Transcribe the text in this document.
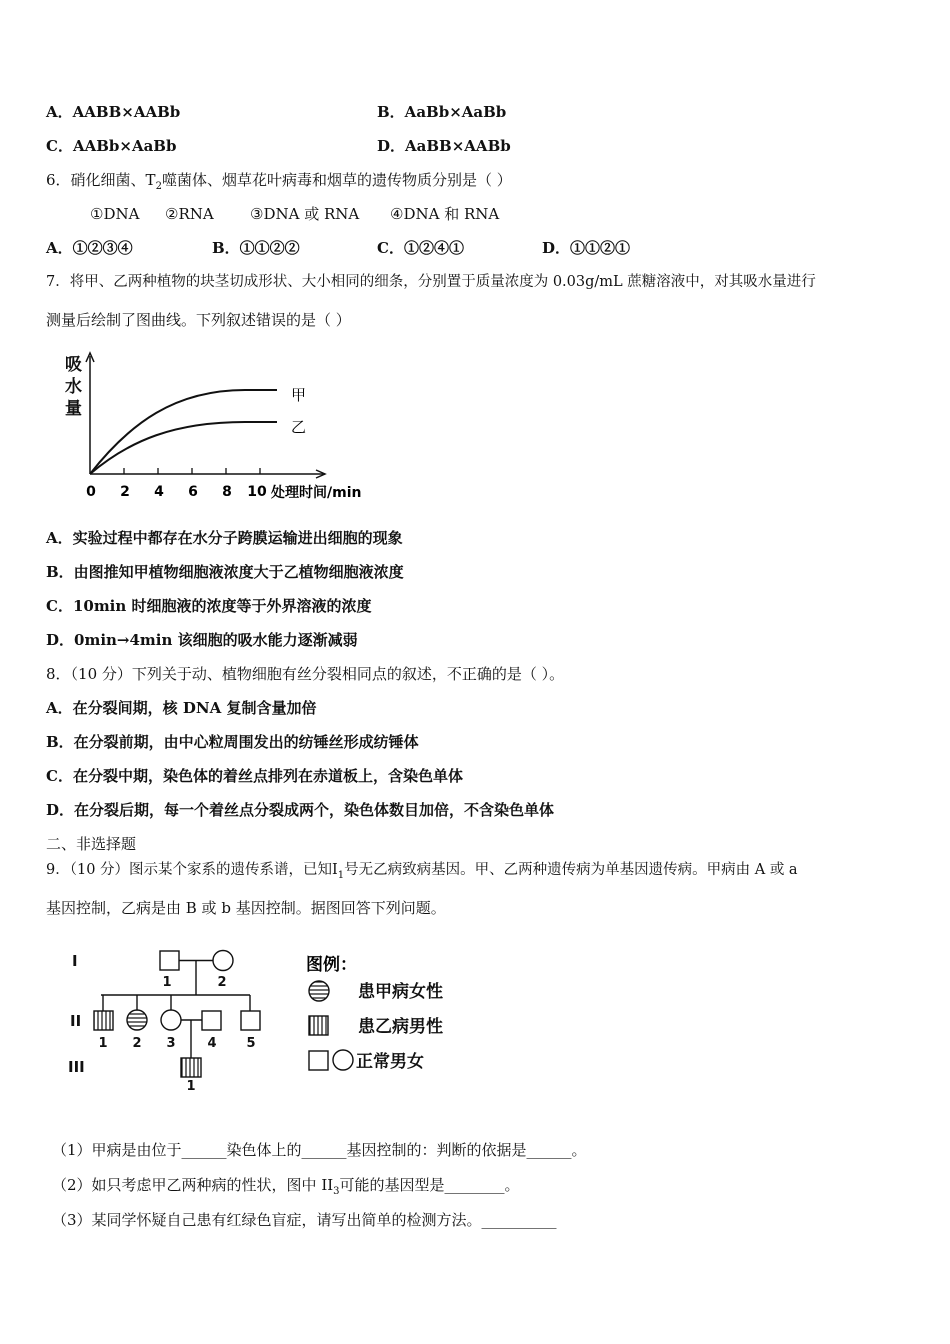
A．AABB×AABb	B．AaBb×AaBb
C．AABb×AaBb	D．AaBB×AABb
6．硝化细菌、$T_2$噬菌体、烟草花叶病毒和烟草的遗传物质分别是（ ）
①DNA ②RNA ③DNA 或 RNA ④DNA 和 RNA
A．①②③④	B．①①②②	C．①②④①	D．①①②①
7．将甲、乙两种植物的块茎切成形状、大小相同的细条，分别置于质量浓度为 0.03g/mL 蔗糖溶液中，对其吸水量进行
测量后绘制了图曲线。下列叙述错误的是（ ）
吸
水
量
甲
乙
0 2 4 6 8 10 处理时间/min
A．实验过程中都存在水分子跨膜运输进出细胞的现象
B．由图推知甲植物细胞液浓度大于乙植物细胞液浓度
C．10min 时细胞液的浓度等于外界溶液的浓度
D．0min→4min 该细胞的吸水能力逐渐减弱
8．（10 分）下列关于动、植物细胞有丝分裂相同点的叙述，不正确的是（ ）。
A．在分裂间期，核 DNA 复制含量加倍
B．在分裂前期，由中心粒周围发出的纺锤丝形成纺锤体
C．在分裂中期，染色体的着丝点排列在赤道板上，含染色单体
D．在分裂后期，每一个着丝点分裂成两个，染色体数目加倍，不含染色单体
二、非选择题
9．（10 分）图示某个家系的遗传系谱，已知$Ⅰ_1$号无乙病致病基因。甲、乙两种遗传病为单基因遗传病。甲病由 A 或 a
基因控制，乙病是由 B 或 b 基因控制。据图回答下列问题。
I
II
III
1	2
1 2 3 4 5
1
图例：
患甲病女性
患乙病男性
正常男女
（1）甲病是由位于______染色体上的______基因控制的：判断的依据是______。
（2）如只考虑甲乙两种病的性状，图中 $II_3$可能的基因型是________。
（3）某同学怀疑自己患有红绿色盲症，请写出简单的检测方法。__________
